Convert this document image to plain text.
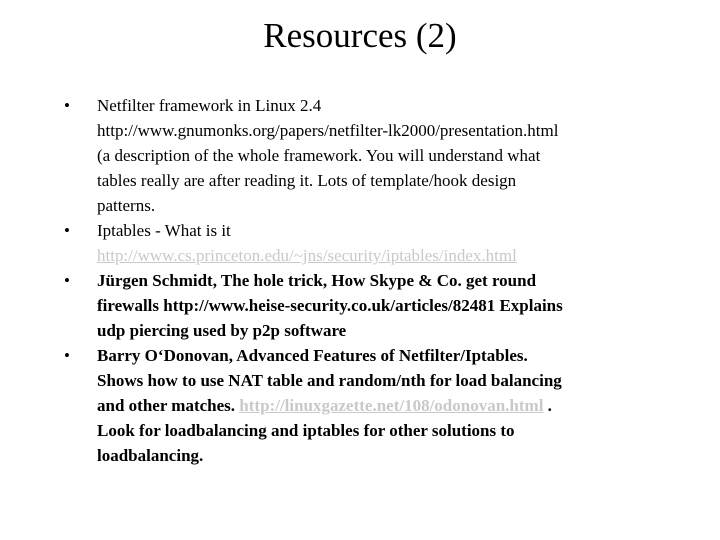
Resources (2)
• Netfilter framework in Linux 2.4
http://www.gnumonks.org/papers/netfilter-lk2000/presentation.html
(a description of the whole framework. You will understand what
tables really are after reading it. Lots of template/hook design
patterns.
• Iptables - What is it
http://www.cs.princeton.edu/~jns/security/iptables/index.html
• Jürgen Schmidt, The hole trick, How Skype & Co. get round
firewalls http://www.heise-security.co.uk/articles/82481 Explains
udp piercing used by p2p software
• Barry O‘Donovan, Advanced Features of Netfilter/Iptables.
Shows how to use NAT table and random/nth for load balancing
and other matches. http://linuxgazette.net/108/odonovan.html .
Look for loadbalancing and iptables for other solutions to
loadbalancing.
